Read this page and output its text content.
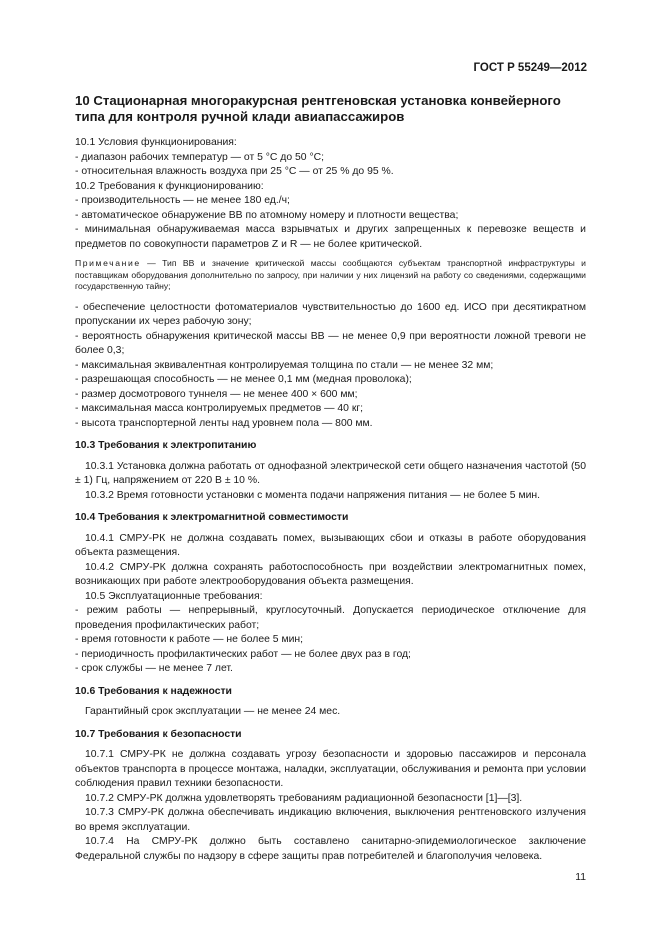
ГОСТ Р 55249—2012
10 Стационарная многоракурсная рентгеновская установка конвейерного типа для контроля ручной клади авиапассажиров

10.1 Условия функционирования:

- диапазон рабочих температур — от 5 °С до 50 °С;

- относительная влажность воздуха при 25 °С — от 25 % до 95 %.

10.2 Требования к функционированию:

- производительность — не менее 180 ед./ч;

- автоматическое обнаружение ВВ по атомному номеру и плотности вещества;

- минимальная обнаруживаемая масса взрывчатых и других запрещенных к перевозке веществ и предметов по совокупности параметров Z и R — не более критической.

Примечание — Тип ВВ и значение критической массы сообщаются субъектам транспортной инфраструктуры и поставщикам оборудования дополнительно по запросу, при наличии у них лицензий на работу со сведениями, содержащими государственную тайну;

- обеспечение целостности фотоматериалов чувствительностью до 1600 ед. ИСО при десятикратном пропускании их через рабочую зону;

- вероятность обнаружения критической массы ВВ — не менее 0,9 при вероятности ложной тревоги не более 0,3;

- максимальная эквивалентная контролируемая толщина по стали — не менее 32 мм;

- разрешающая способность — не менее 0,1 мм (медная проволока);

- размер досмотрового туннеля — не менее 400 × 600 мм;

- максимальная масса контролируемых предметов — 40 кг;

- высота транспортерной ленты над уровнем пола — 800 мм.

10.3 Требования к электропитанию

10.3.1 Установка должна работать от однофазной электрической сети общего назначения частотой (50 ± 1) Гц, напряжением от 220 В ± 10 %.

10.3.2 Время готовности установки с момента подачи напряжения питания — не более 5 мин.

10.4 Требования к электромагнитной совместимости

10.4.1 СМРУ-РК не должна создавать помех, вызывающих сбои и отказы в работе оборудования объекта размещения.

10.4.2 СМРУ-РК должна сохранять работоспособность при воздействии электромагнитных помех, возникающих при работе электрооборудования объекта размещения.

10.5 Эксплуатационные требования:

- режим работы — непрерывный, круглосуточный. Допускается периодическое отключение для проведения профилактических работ;

- время готовности к работе — не более 5 мин;

- периодичность профилактических работ — не более двух раз в год;

- срок службы — не менее 7 лет.

10.6 Требования к надежности

Гарантийный срок эксплуатации — не менее 24 мес.

10.7 Требования к безопасности

10.7.1 СМРУ-РК не должна создавать угрозу безопасности и здоровью пассажиров и персонала объектов транспорта в процессе монтажа, наладки, эксплуатации, обслуживания и ремонта при условии соблюдения правил техники безопасности.

10.7.2 СМРУ-РК должна удовлетворять требованиям радиационной безопасности [1]—[3].

10.7.3 СМРУ-РК должна обеспечивать индикацию включения, выключения рентгеновского излучения во время эксплуатации.

10.7.4 На СМРУ-РК должно быть составлено санитарно-эпидемиологическое заключение Федеральной службы по надзору в сфере защиты прав потребителей и благополучия человека.

11
